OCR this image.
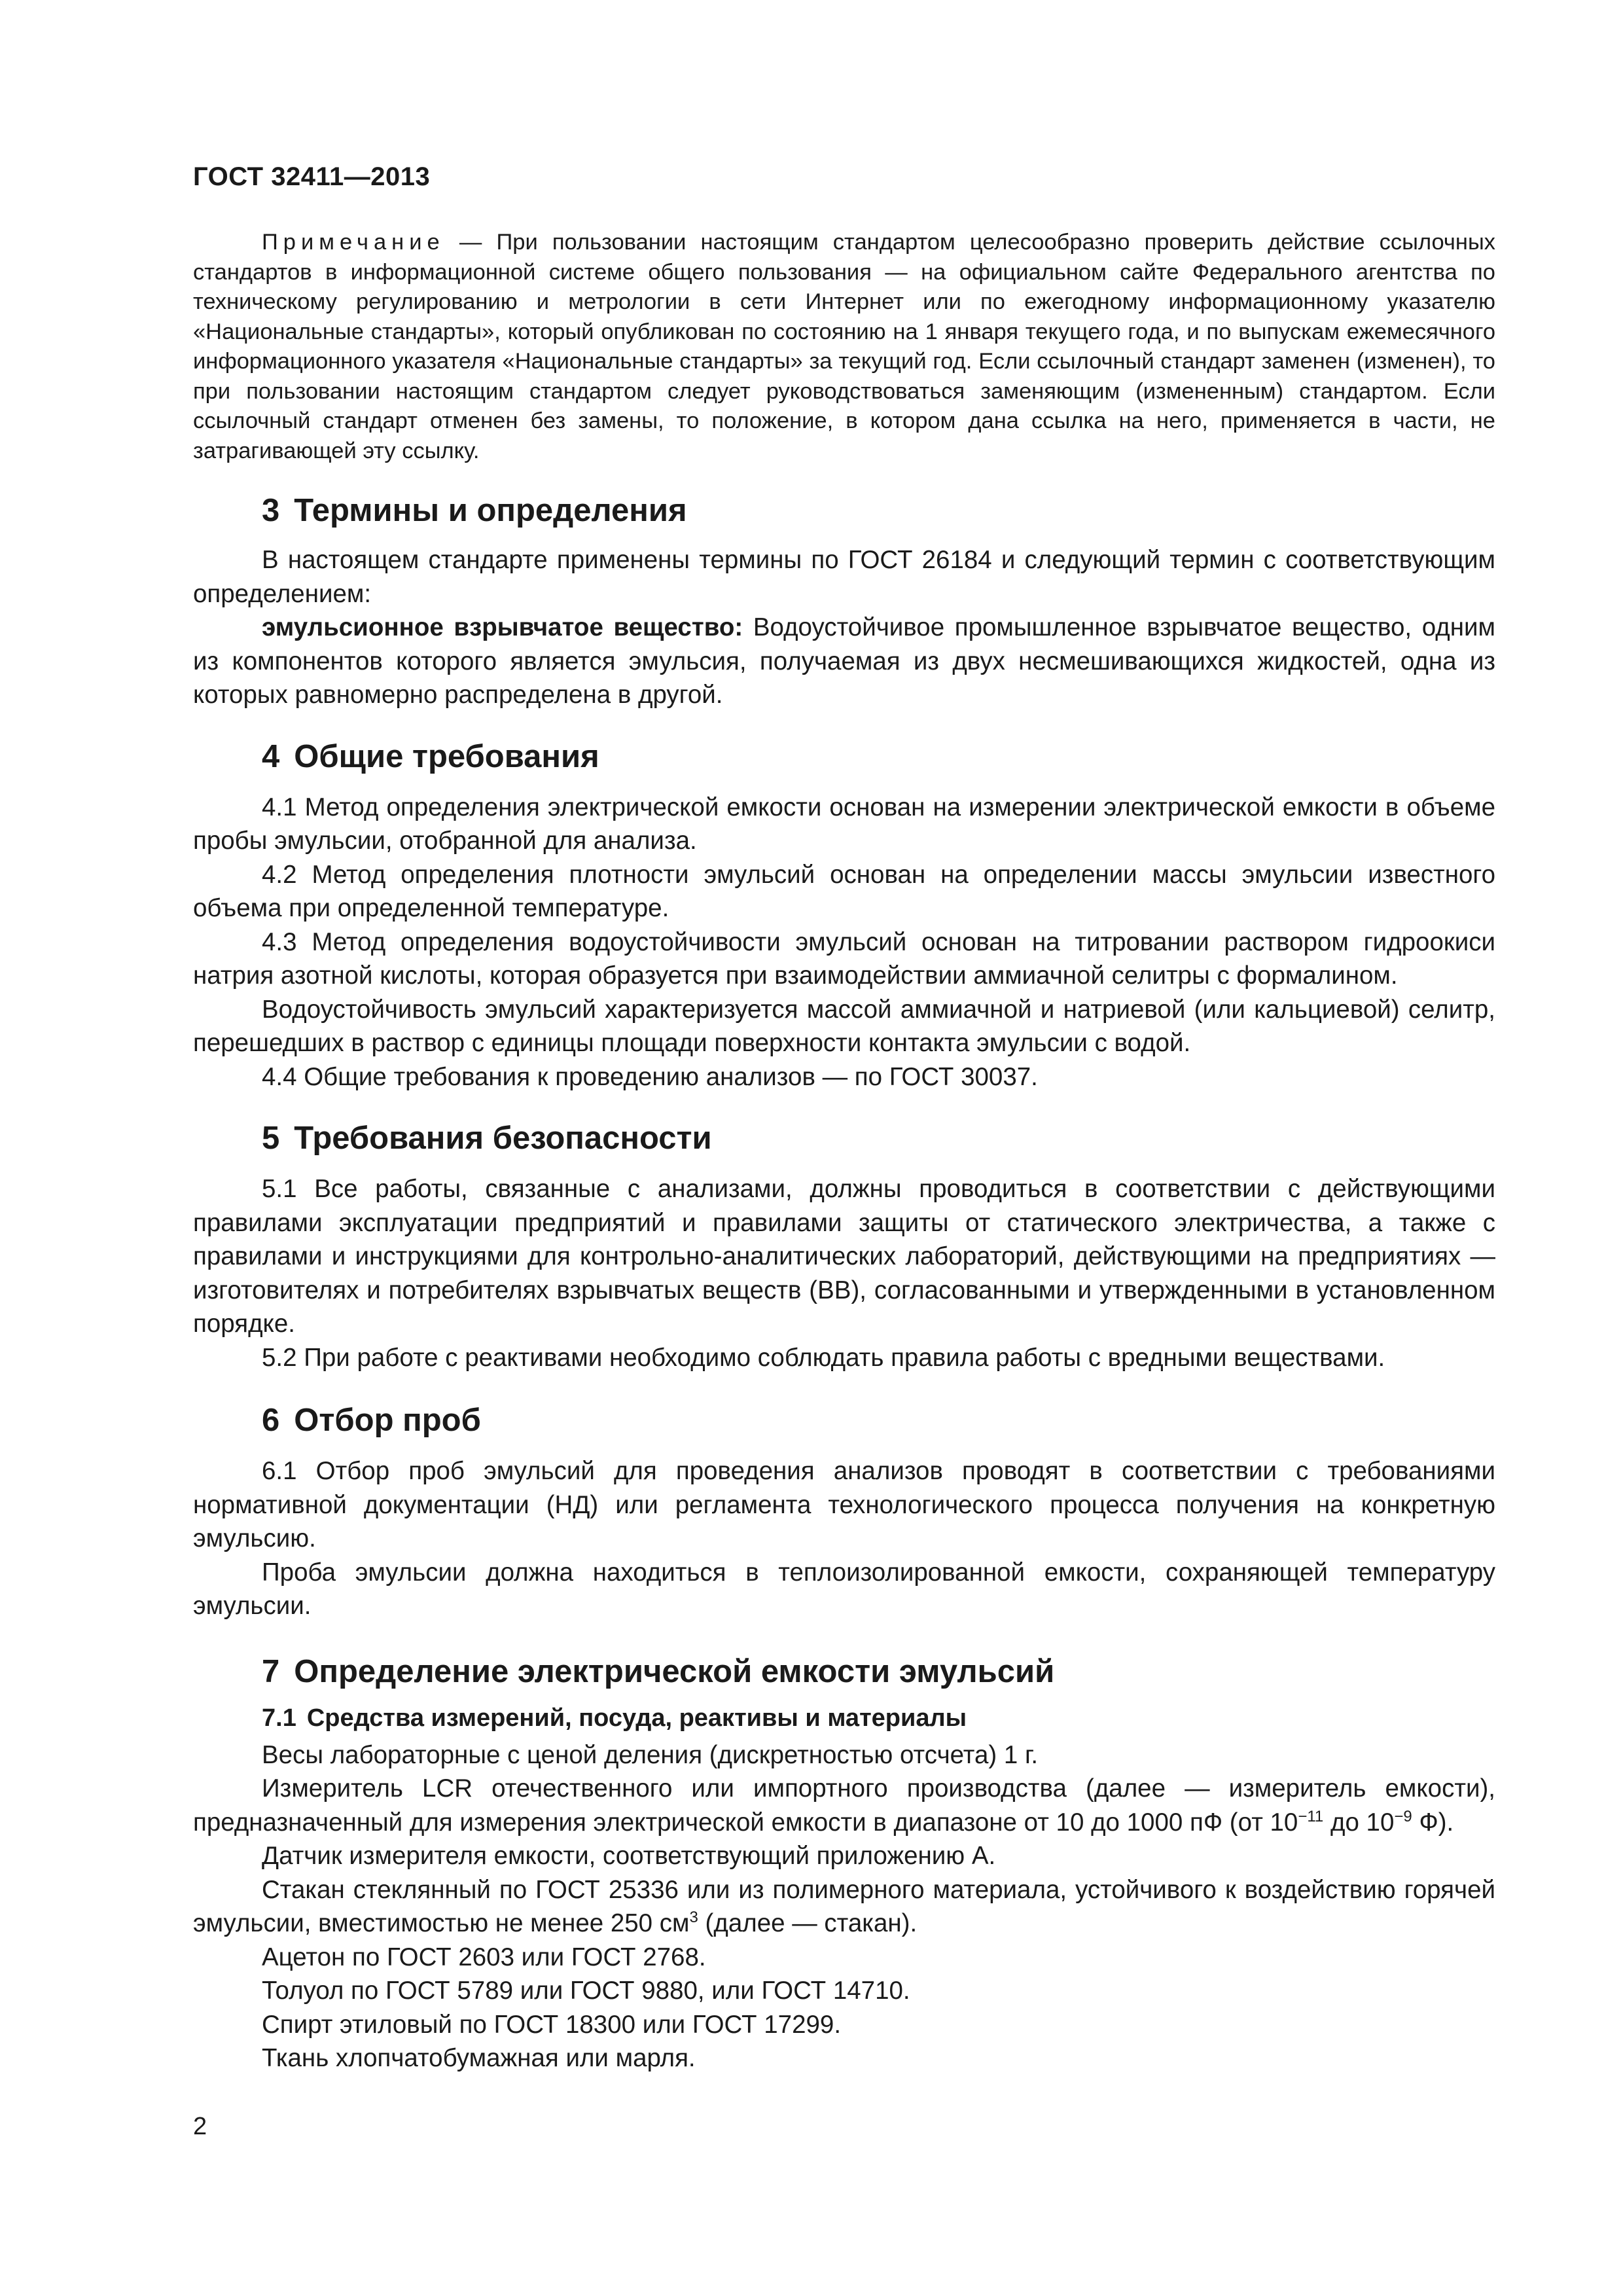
ГОСТ 32411—2013

Примечание — При пользовании настоящим стандартом целесообразно проверить действие ссылочных стандартов в информационной системе общего пользования — на официальном сайте Федерального агентства по техническому регулированию и метрологии в сети Интернет или по ежегодному информационному указателю «Национальные стандарты», который опубликован по состоянию на 1 января текущего года, и по выпускам ежемесячного информационного указателя «Национальные стандарты» за текущий год. Если ссылочный стандарт заменен (изменен), то при пользовании настоящим стандартом следует руководствоваться заменяющим (измененным) стандартом. Если ссылочный стандарт отменен без замены, то положение, в котором дана ссылка на него, применяется в части, не затрагивающей эту ссылку.

3 Термины и определения

В настоящем стандарте применены термины по ГОСТ 26184 и следующий термин с соответствующим определением:

эмульсионное взрывчатое вещество: Водоустойчивое промышленное взрывчатое вещество, одним из компонентов которого является эмульсия, получаемая из двух несмешивающихся жидкостей, одна из которых равномерно распределена в другой.

4 Общие требования

4.1 Метод определения электрической емкости основан на измерении электрической емкости в объеме пробы эмульсии, отобранной для анализа.

4.2 Метод определения плотности эмульсий основан на определении массы эмульсии известного объема при определенной температуре.

4.3 Метод определения водоустойчивости эмульсий основан на титровании раствором гидроокиси натрия азотной кислоты, которая образуется при взаимодействии аммиачной селитры с формалином.

Водоустойчивость эмульсий характеризуется массой аммиачной и натриевой (или кальциевой) селитр, перешедших в раствор с единицы площади поверхности контакта эмульсии с водой.

4.4 Общие требования к проведению анализов — по ГОСТ 30037.

5 Требования безопасности

5.1 Все работы, связанные с анализами, должны проводиться в соответствии с действующими правилами эксплуатации предприятий и правилами защиты от статического электричества, а также с правилами и инструкциями для контрольно-аналитических лабораторий, действующими на предприятиях — изготовителях и потребителях взрывчатых веществ (ВВ), согласованными и утвержденными в установленном порядке.

5.2 При работе с реактивами необходимо соблюдать правила работы с вредными веществами.

6 Отбор проб

6.1 Отбор проб эмульсий для проведения анализов проводят в соответствии с требованиями нормативной документации (НД) или регламента технологического процесса получения на конкретную эмульсию.

Проба эмульсии должна находиться в теплоизолированной емкости, сохраняющей температуру эмульсии.

7 Определение электрической емкости эмульсий
7.1 Средства измерений, посуда, реактивы и материалы

Весы лабораторные с ценой деления (дискретностью отсчета) 1 г.

Измеритель LCR отечественного или импортного производства (далее — измеритель емкости), предназначенный для измерения электрической емкости в диапазоне от 10 до 1000 пФ (от $10^{-11}$ до $10^{-9}$ Ф).

Датчик измерителя емкости, соответствующий приложению А.

Стакан стеклянный по ГОСТ 25336 или из полимерного материала, устойчивого к воздействию горячей эмульсии, вместимостью не менее 250 $см^3$ (далее — стакан).

Ацетон по ГОСТ 2603 или ГОСТ 2768.

Толуол по ГОСТ 5789 или ГОСТ 9880, или ГОСТ 14710.

Спирт этиловый по ГОСТ 18300 или ГОСТ 17299.

Ткань хлопчатобумажная или марля.

2
